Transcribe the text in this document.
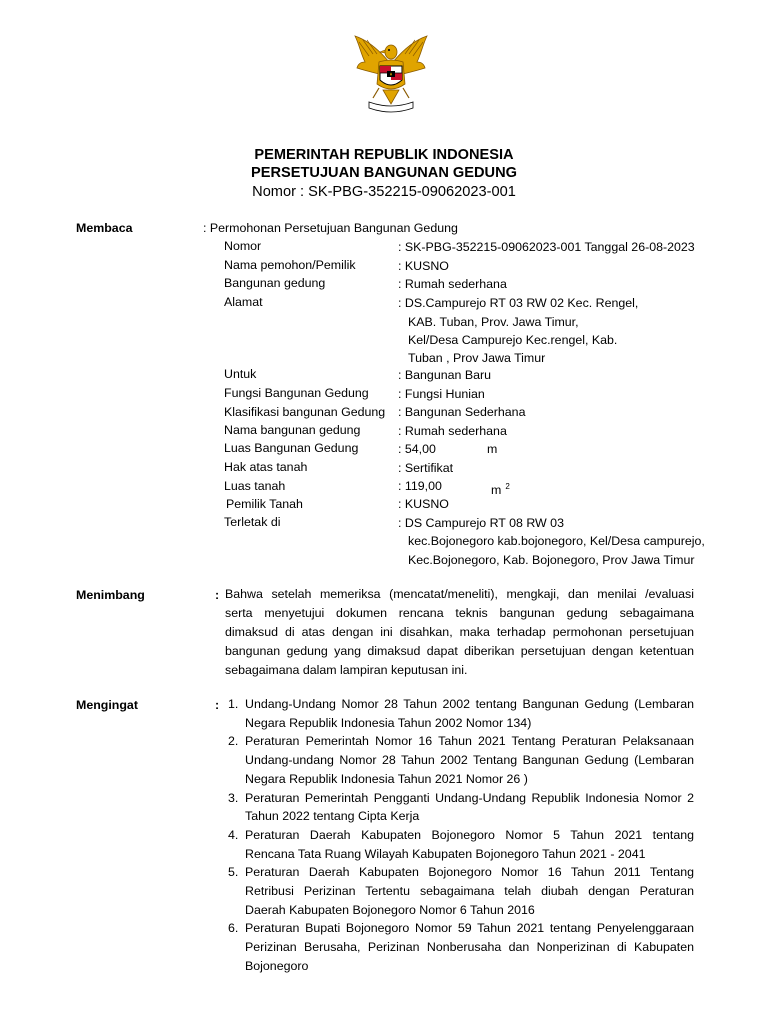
PEMERINTAH REPUBLIK INDONESIA
PERSETUJUAN BANGUNAN GEDUNG
Nomor : SK-PBG-352215-09062023-001
Membaca	: Permohonan Persetujuan Bangunan Gedung
Nomor	: SK-PBG-352215-09062023-001 Tanggal 26-08-2023
Nama pemohon/Pemilik	: KUSNO
Bangunan gedung	: Rumah sederhana
Alamat	: DS.Campurejo RT 03 RW 02 Kec. Rengel,
KAB. Tuban, Prov. Jawa Timur,
Kel/Desa Campurejo Kec.rengel, Kab.
Tuban , Prov Jawa Timur
Untuk	: Bangunan Baru
Fungsi Bangunan Gedung : Fungsi Hunian
Klasifikasi bangunan Gedung : Bangunan Sederhana
Nama bangunan gedung	: Rumah sederhana
Luas Bangunan Gedung	: 54,00	m
Hak atas tanah	: Sertifikat
Luas tanah	: 119,00	m $^2$
Pemilik Tanah	: KUSNO
Terletak di	: DS Campurejo RT 08 RW 03
kec.Bojonegoro kab.bojonegoro, Kel/Desa campurejo,
Kec.Bojonegoro, Kab. Bojonegoro, Prov Jawa Timur
Menimbang	: Bahwa setelah memeriksa (mencatat/meneliti), mengkaji, dan menilai /evaluasi
serta menyetujui dokumen rencana teknis bangunan gedung sebagaimana
dimaksud di atas dengan ini disahkan, maka terhadap permohonan persetujuan
bangunan gedung yang dimaksud dapat diberikan persetujuan dengan ketentuan
sebagaimana dalam lampiran keputusan ini.
Mengingat	: 1. Undang-Undang Nomor 28 Tahun 2002 tentang Bangunan Gedung (Lembaran
Negara Republik Indonesia Tahun 2002 Nomor 134)
2. Peraturan Pemerintah Nomor 16 Tahun 2021 Tentang Peraturan Pelaksanaan
Undang-undang Nomor 28 Tahun 2002 Tentang Bangunan Gedung (Lembaran
Negara Republik Indonesia Tahun 2021 Nomor 26 )
3. Peraturan Pemerintah Pengganti Undang-Undang Republik Indonesia Nomor 2
Tahun 2022 tentang Cipta Kerja
4. Peraturan Daerah Kabupaten Bojonegoro Nomor 5 Tahun 2021 tentang
Rencana Tata Ruang Wilayah Kabupaten Bojonegoro Tahun 2021 - 2041
5. Peraturan Daerah Kabupaten Bojonegoro Nomor 16 Tahun 2011 Tentang
Retribusi Perizinan Tertentu sebagaimana telah diubah dengan Peraturan
Daerah Kabupaten Bojonegoro Nomor 6 Tahun 2016
6. Peraturan Bupati Bojonegoro Nomor 59 Tahun 2021 tentang Penyelenggaraan
Perizinan Berusaha, Perizinan Nonberusaha dan Nonperizinan di Kabupaten
Bojonegoro
